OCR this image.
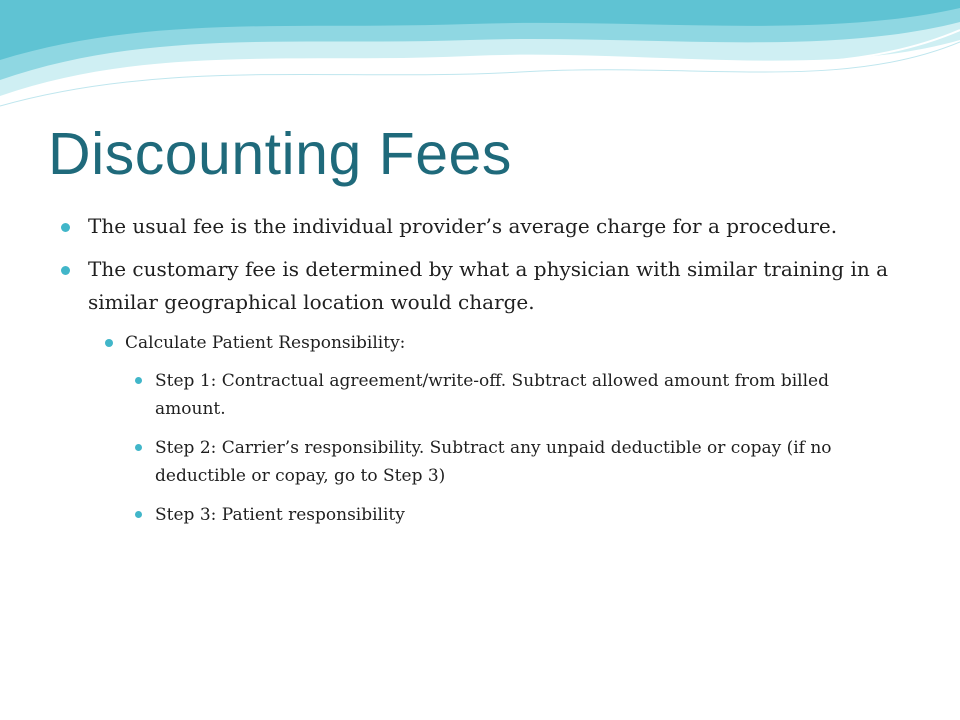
Discounting Fees
The usual fee is the individual provider’s average charge for a procedure.
The customary fee is determined by what a physician with similar training in a similar geographical location would charge.
Calculate Patient Responsibility:
Step 1: Contractual agreement/write-off. Subtract allowed amount from billed amount.
Step 2: Carrier’s responsibility. Subtract any unpaid deductible or copay (if no deductible or copay, go to Step 3)
Step 3: Patient responsibility
